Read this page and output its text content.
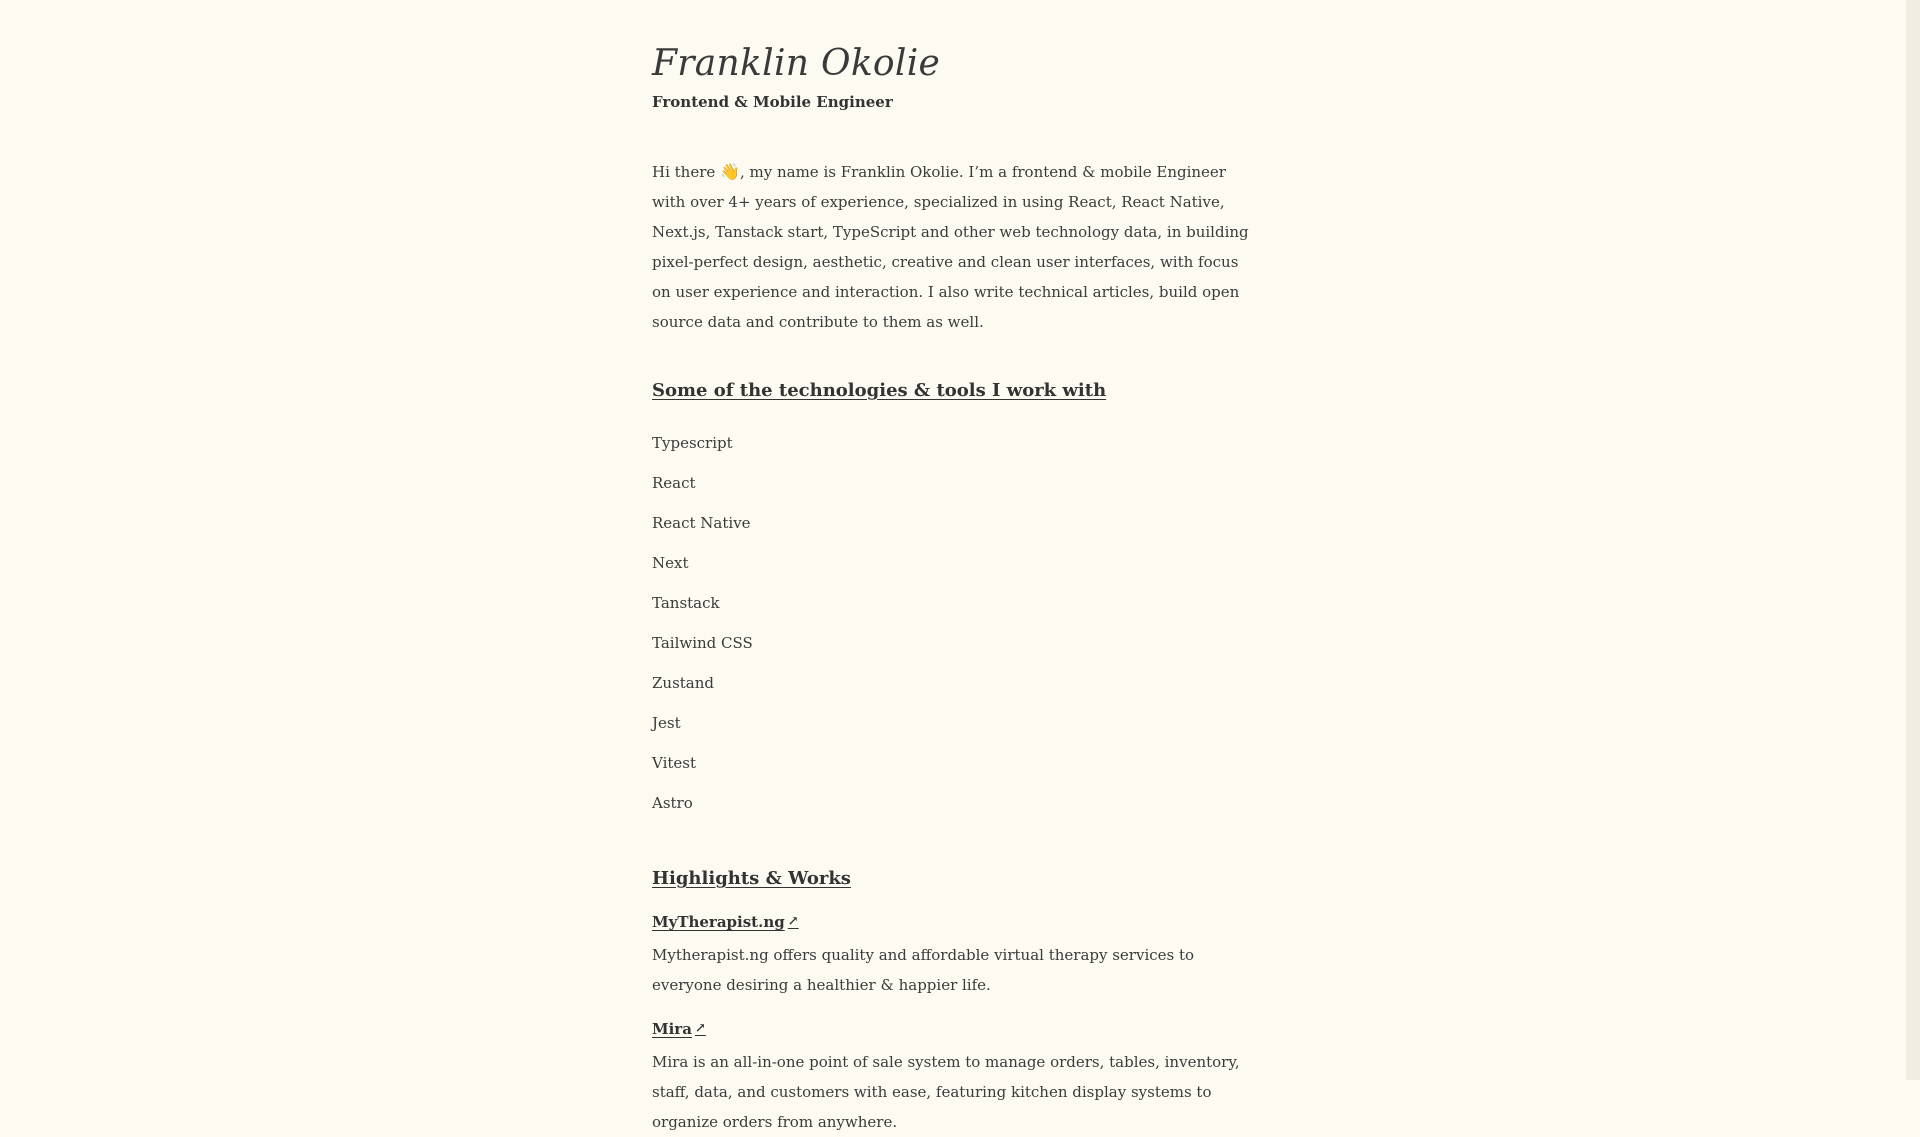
Franklin Okolie

Frontend & Mobile Engineer

Hi there 👋, my name is Franklin Okolie. I’m a frontend & mobile Engineer with over 4+ years of experience, specialized in using React, React Native, Next.js, Tanstack start, TypeScript and other web technology data, in building pixel-perfect design, aesthetic, creative and clean user interfaces, with focus on user experience and interaction. I also write technical articles, build open source data and contribute to them as well.

Some of the technologies & tools I work with
Typescript
React
React Native
Next
Tanstack
Tailwind CSS
Zustand
Jest
Vitest
Astro
Highlights & Works
MyTherapist.ng ↗

Mytherapist.ng offers quality and affordable virtual therapy services to everyone desiring a healthier & happier life.

Mira ↗

Mira is an all-in-one point of sale system to manage orders, tables, inventory, staff, data, and customers with ease, featuring kitchen display systems to organize orders from anywhere.
